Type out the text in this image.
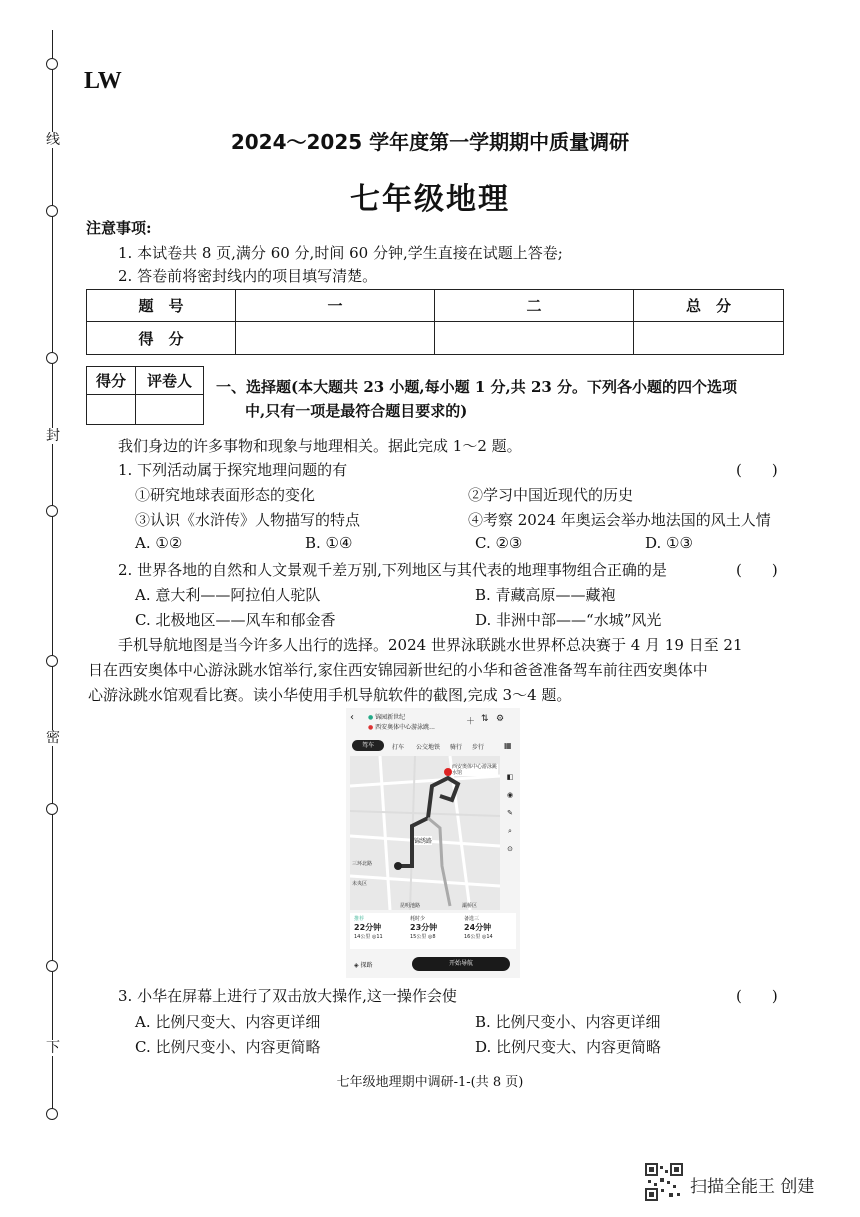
线
封
密
下
LW
2024～2025 学年度第一学期期中质量调研
七年级地理
注意事项:
1. 本试卷共 8 页,满分 60 分,时间 60 分钟,学生直接在试题上答卷;
2. 答卷前将密封线内的项目填写清楚。
题　号	一	二	总　分
得　分			
得分	评卷人
	一、选择题(本大题共 23 小题,每小题 1 分,共 23 分。下列各小题的四个选项
中,只有一项是最符合题目要求的)
我们身边的许多事物和现象与地理相关。据此完成 1～2 题。
1. 下列活动属于探究地理问题的有	(　　)
①研究地球表面形态的变化	②学习中国近现代的历史
③认识《水浒传》人物描写的特点	④考察 2024 年奥运会举办地法国的风土人情
A. ①②	B. ①④	C. ②③	D. ①③
2. 世界各地的自然和人文景观千差万别,下列地区与其代表的地理事物组合正确的是	(　　)
A. 意大利——阿拉伯人驼队	B. 青藏高原——藏袍
C. 北极地区——风车和郁金香	D. 非洲中部——“水城”风光
手机导航地图是当今许多人出行的选择。2024 世界泳联跳水世界杯总决赛于 4 月 19 日至 21
日在西安奥体中心游泳跳水馆举行,家住西安锦园新世纪的小华和爸爸准备驾车前往西安奥体中
心游泳跳水馆观看比赛。读小华使用手机导航软件的截图,完成 3～4 题。
‹ ● 锦园新世纪
● 西安奥体中心游泳跳...
＋ ⇅ ⚙
驾车	打车 公交地铁 骑行 步行 ▦
西安奥体中心游泳跳水馆
锦绣路
三环北路
未央区
灞桥区
昆明池路
◧
◉
✎
⌕
⊙
推荐
22分钟
14公里 ◎11
耗时少
23分钟
15公里 ◎8
备选三
24分钟
16公里 ◎14
◈ 探路	开始导航
3. 小华在屏幕上进行了双击放大操作,这一操作会使	(　　)
A. 比例尺变大、内容更详细	B. 比例尺变小、内容更详细
C. 比例尺变小、内容更简略	D. 比例尺变大、内容更简略
七年级地理期中调研-1-(共 8 页)
扫描全能王 创建
